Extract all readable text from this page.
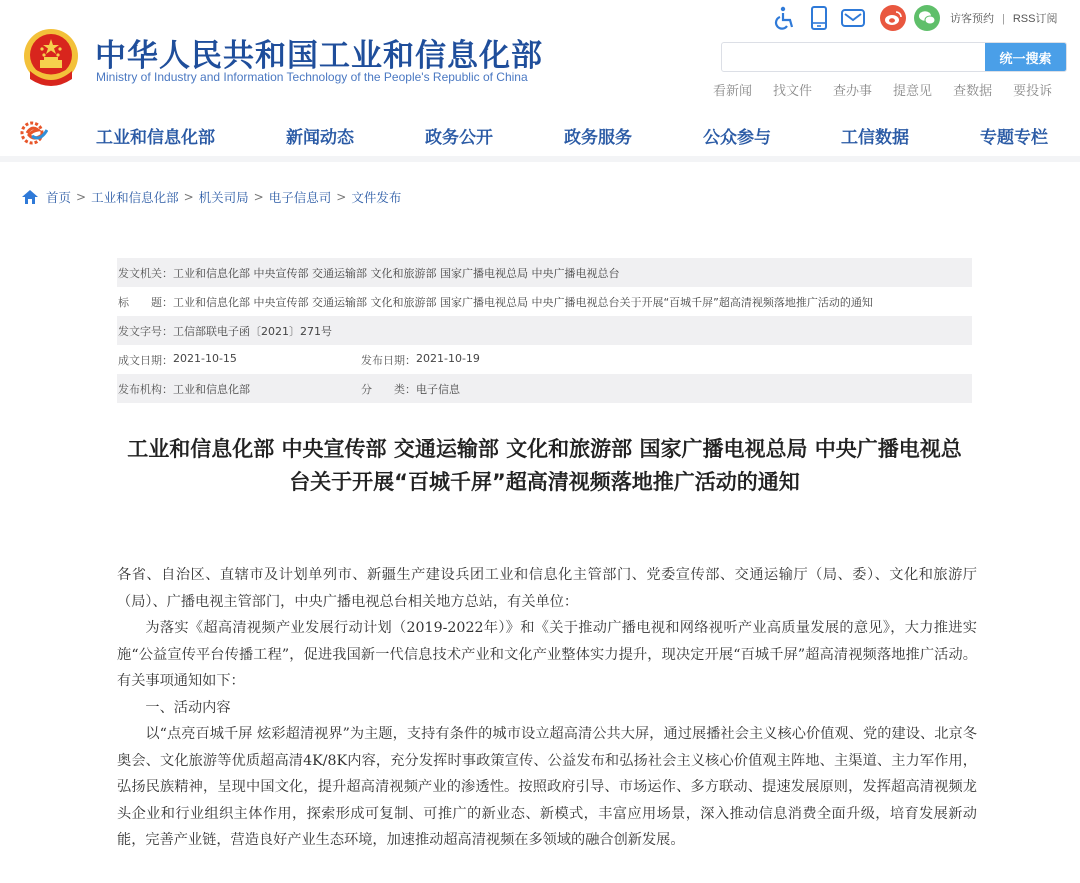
中华人民共和国工业和信息化部
Ministry of Industry and Information Technology of the People's Republic of China
访客预约 | RSS订阅
统一搜索
看新闻 找文件 查办事 提意见 查数据 要投诉
工业和信息化部	新闻动态	政务公开	政务服务	公众参与	工信数据	专题专栏
首页 > 工业和信息化部 > 机关司局 > 电子信息司 > 文件发布
发文机关： 工业和信息化部 中央宣传部 交通运输部 文化和旅游部 国家广播电视总局 中央广播电视总台
标　　题： 工业和信息化部 中央宣传部 交通运输部 文化和旅游部 国家广播电视总局 中央广播电视总台关于开展“百城千屏”超高清视频落地推广活动的通知
发文字号： 工信部联电子函〔2021〕271号
成文日期： 2021-10-15	发布日期： 2021-10-19
发布机构： 工业和信息化部	分　　类： 电子信息
工业和信息化部 中央宣传部 交通运输部 文化和旅游部 国家广播电视总局 中央广播电视总台关于开展“百城千屏”超高清视频落地推广活动的通知

各省、自治区、直辖市及计划单列市、新疆生产建设兵团工业和信息化主管部门、党委宣传部、交通运输厅（局、委）、文化和旅游厅（局）、广播电视主管部门，中央广播电视总台相关地方总站，有关单位：

为落实《超高清视频产业发展行动计划（2019-2022年）》和《关于推动广播电视和网络视听产业高质量发展的意见》，大力推进实施“公益宣传平台传播工程”，促进我国新一代信息技术产业和文化产业整体实力提升，现决定开展“百城千屏”超高清视频落地推广活动。有关事项通知如下：

一、活动内容

以“点亮百城千屏 炫彩超清视界”为主题，支持有条件的城市设立超高清公共大屏，通过展播社会主义核心价值观、党的建设、北京冬奥会、文化旅游等优质超高清4K/8K内容，充分发挥时事政策宣传、公益发布和弘扬社会主义核心价值观主阵地、主渠道、主力军作用，弘扬民族精神，呈现中国文化，提升超高清视频产业的渗透性。按照政府引导、市场运作、多方联动、提速发展原则，发挥超高清视频龙头企业和行业组织主体作用，探索形成可复制、可推广的新业态、新模式，丰富应用场景，深入推动信息消费全面升级，培育发展新动能，完善产业链，营造良好产业生态环境，加速推动超高清视频在多领域的融合创新发展。
